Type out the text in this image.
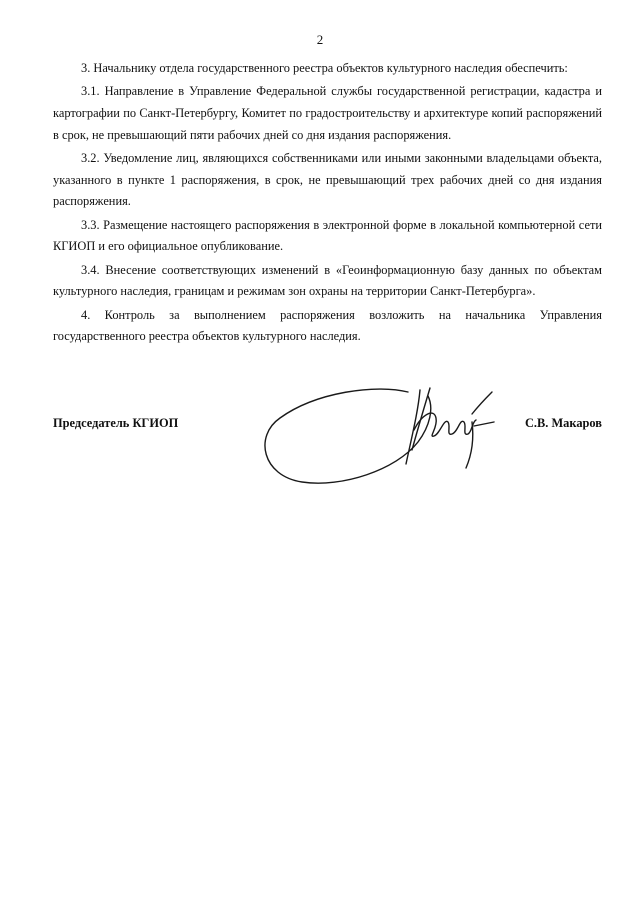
2

3. Начальнику отдела государственного реестра объектов культурного наследия обеспечить:

3.1. Направление в Управление Федеральной службы государственной регистрации, кадастра и картографии по Санкт-Петербургу, Комитет по градостроительству и архитектуре копий распоряжений в срок, не превышающий пяти рабочих дней со дня издания распоряжения.

3.2. Уведомление лиц, являющихся собственниками или иными законными владельцами объекта, указанного в пункте 1 распоряжения, в срок, не превышающий трех рабочих дней со дня издания распоряжения.

3.3. Размещение настоящего распоряжения в электронной форме в локальной компьютерной сети КГИОП и его официальное опубликование.

3.4. Внесение соответствующих изменений в «Геоинформационную базу данных по объектам культурного наследия, границам и режимам зон охраны на территории Санкт-Петербурга».

4. Контроль за выполнением распоряжения возложить на начальника Управления государственного реестра объектов культурного наследия.

Председатель КГИОП	С.В. Макаров
